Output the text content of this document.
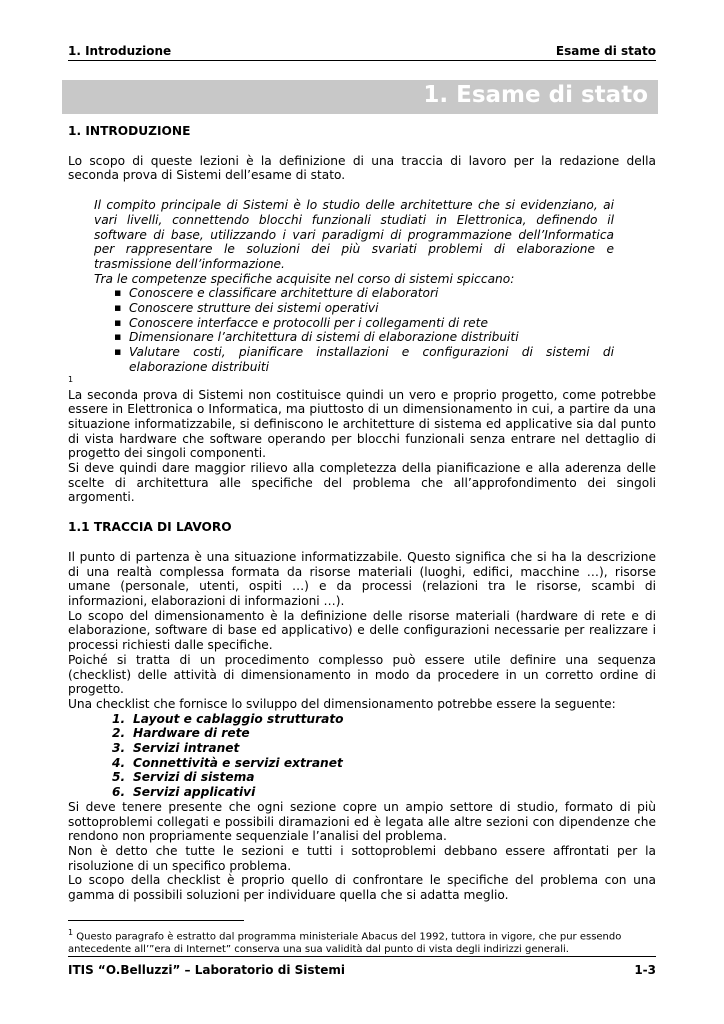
1. Introduzione	Esame di stato
1. Esame di stato

1. INTRODUZIONE

Lo scopo di queste lezioni è la definizione di una traccia di lavoro per la redazione della seconda prova di Sistemi dell’esame di stato.

Il compito principale di Sistemi è lo studio delle architetture che si evidenziano, ai vari livelli, connettendo blocchi funzionali studiati in Elettronica, definendo il software di base, utilizzando i vari paradigmi di programmazione dell’Informatica per rappresentare le soluzioni dei più svariati problemi di elaborazione e trasmissione dell’informazione.

Tra le competenze specifiche acquisite nel corso di sistemi spiccano:

▪ Conoscere e classificare architetture di elaboratori
▪ Conoscere strutture dei sistemi operativi
▪ Conoscere interfacce e protocolli per i collegamenti di rete
▪ Dimensionare l’architettura di sistemi di elaborazione distribuiti
▪ Valutare costi, pianificare installazioni e configurazioni di sistemi di elaborazione distribuiti

1

La seconda prova di Sistemi non costituisce quindi un vero e proprio progetto, come potrebbe essere in Elettronica o Informatica, ma piuttosto di un dimensionamento in cui, a partire da una situazione informatizzabile, si definiscono le architetture di sistema ed applicative sia dal punto di vista hardware che software operando per blocchi funzionali senza entrare nel dettaglio di progetto dei singoli componenti.

Si deve quindi dare maggior rilievo alla completezza della pianificazione e alla aderenza delle scelte di architettura alle specifiche del problema che all’approfondimento dei singoli argomenti.

1.1 TRACCIA DI LAVORO

Il punto di partenza è una situazione informatizzabile. Questo significa che si ha la descrizione di una realtà complessa formata da risorse materiali (luoghi, edifici, macchine …), risorse umane (personale, utenti, ospiti …) e da processi (relazioni tra le risorse, scambi di informazioni, elaborazioni di informazioni …).

Lo scopo del dimensionamento è la definizione delle risorse materiali (hardware di rete e di elaborazione, software di base ed applicativo) e delle configurazioni necessarie per realizzare i processi richiesti dalle specifiche.

Poiché si tratta di un procedimento complesso può essere utile definire una sequenza (checklist) delle attività di dimensionamento in modo da procedere in un corretto ordine di progetto.

Una checklist che fornisce lo sviluppo del dimensionamento potrebbe essere la seguente:

1. Layout e cablaggio strutturato
2. Hardware di rete
3. Servizi intranet
4. Connettività e servizi extranet
5. Servizi di sistema
6. Servizi applicativi

Si deve tenere presente che ogni sezione copre un ampio settore di studio, formato di più sottoproblemi collegati e possibili diramazioni ed è legata alle altre sezioni con dipendenze che rendono non propriamente sequenziale l’analisi del problema.

Non è detto che tutte le sezioni e tutti i sottoproblemi debbano essere affrontati per la risoluzione di un specifico problema.

Lo scopo della checklist è proprio quello di confrontare le specifiche del problema con una gamma di possibili soluzioni per individuare quella che si adatta meglio.

$^1$ Questo paragrafo è estratto dal programma ministeriale Abacus del 1992, tuttora in vigore, che pur essendo antecedente all’”era di Internet” conserva una sua validità dal punto di vista degli indirizzi generali.
ITIS “O.Belluzzi” – Laboratorio di Sistemi	1-3
